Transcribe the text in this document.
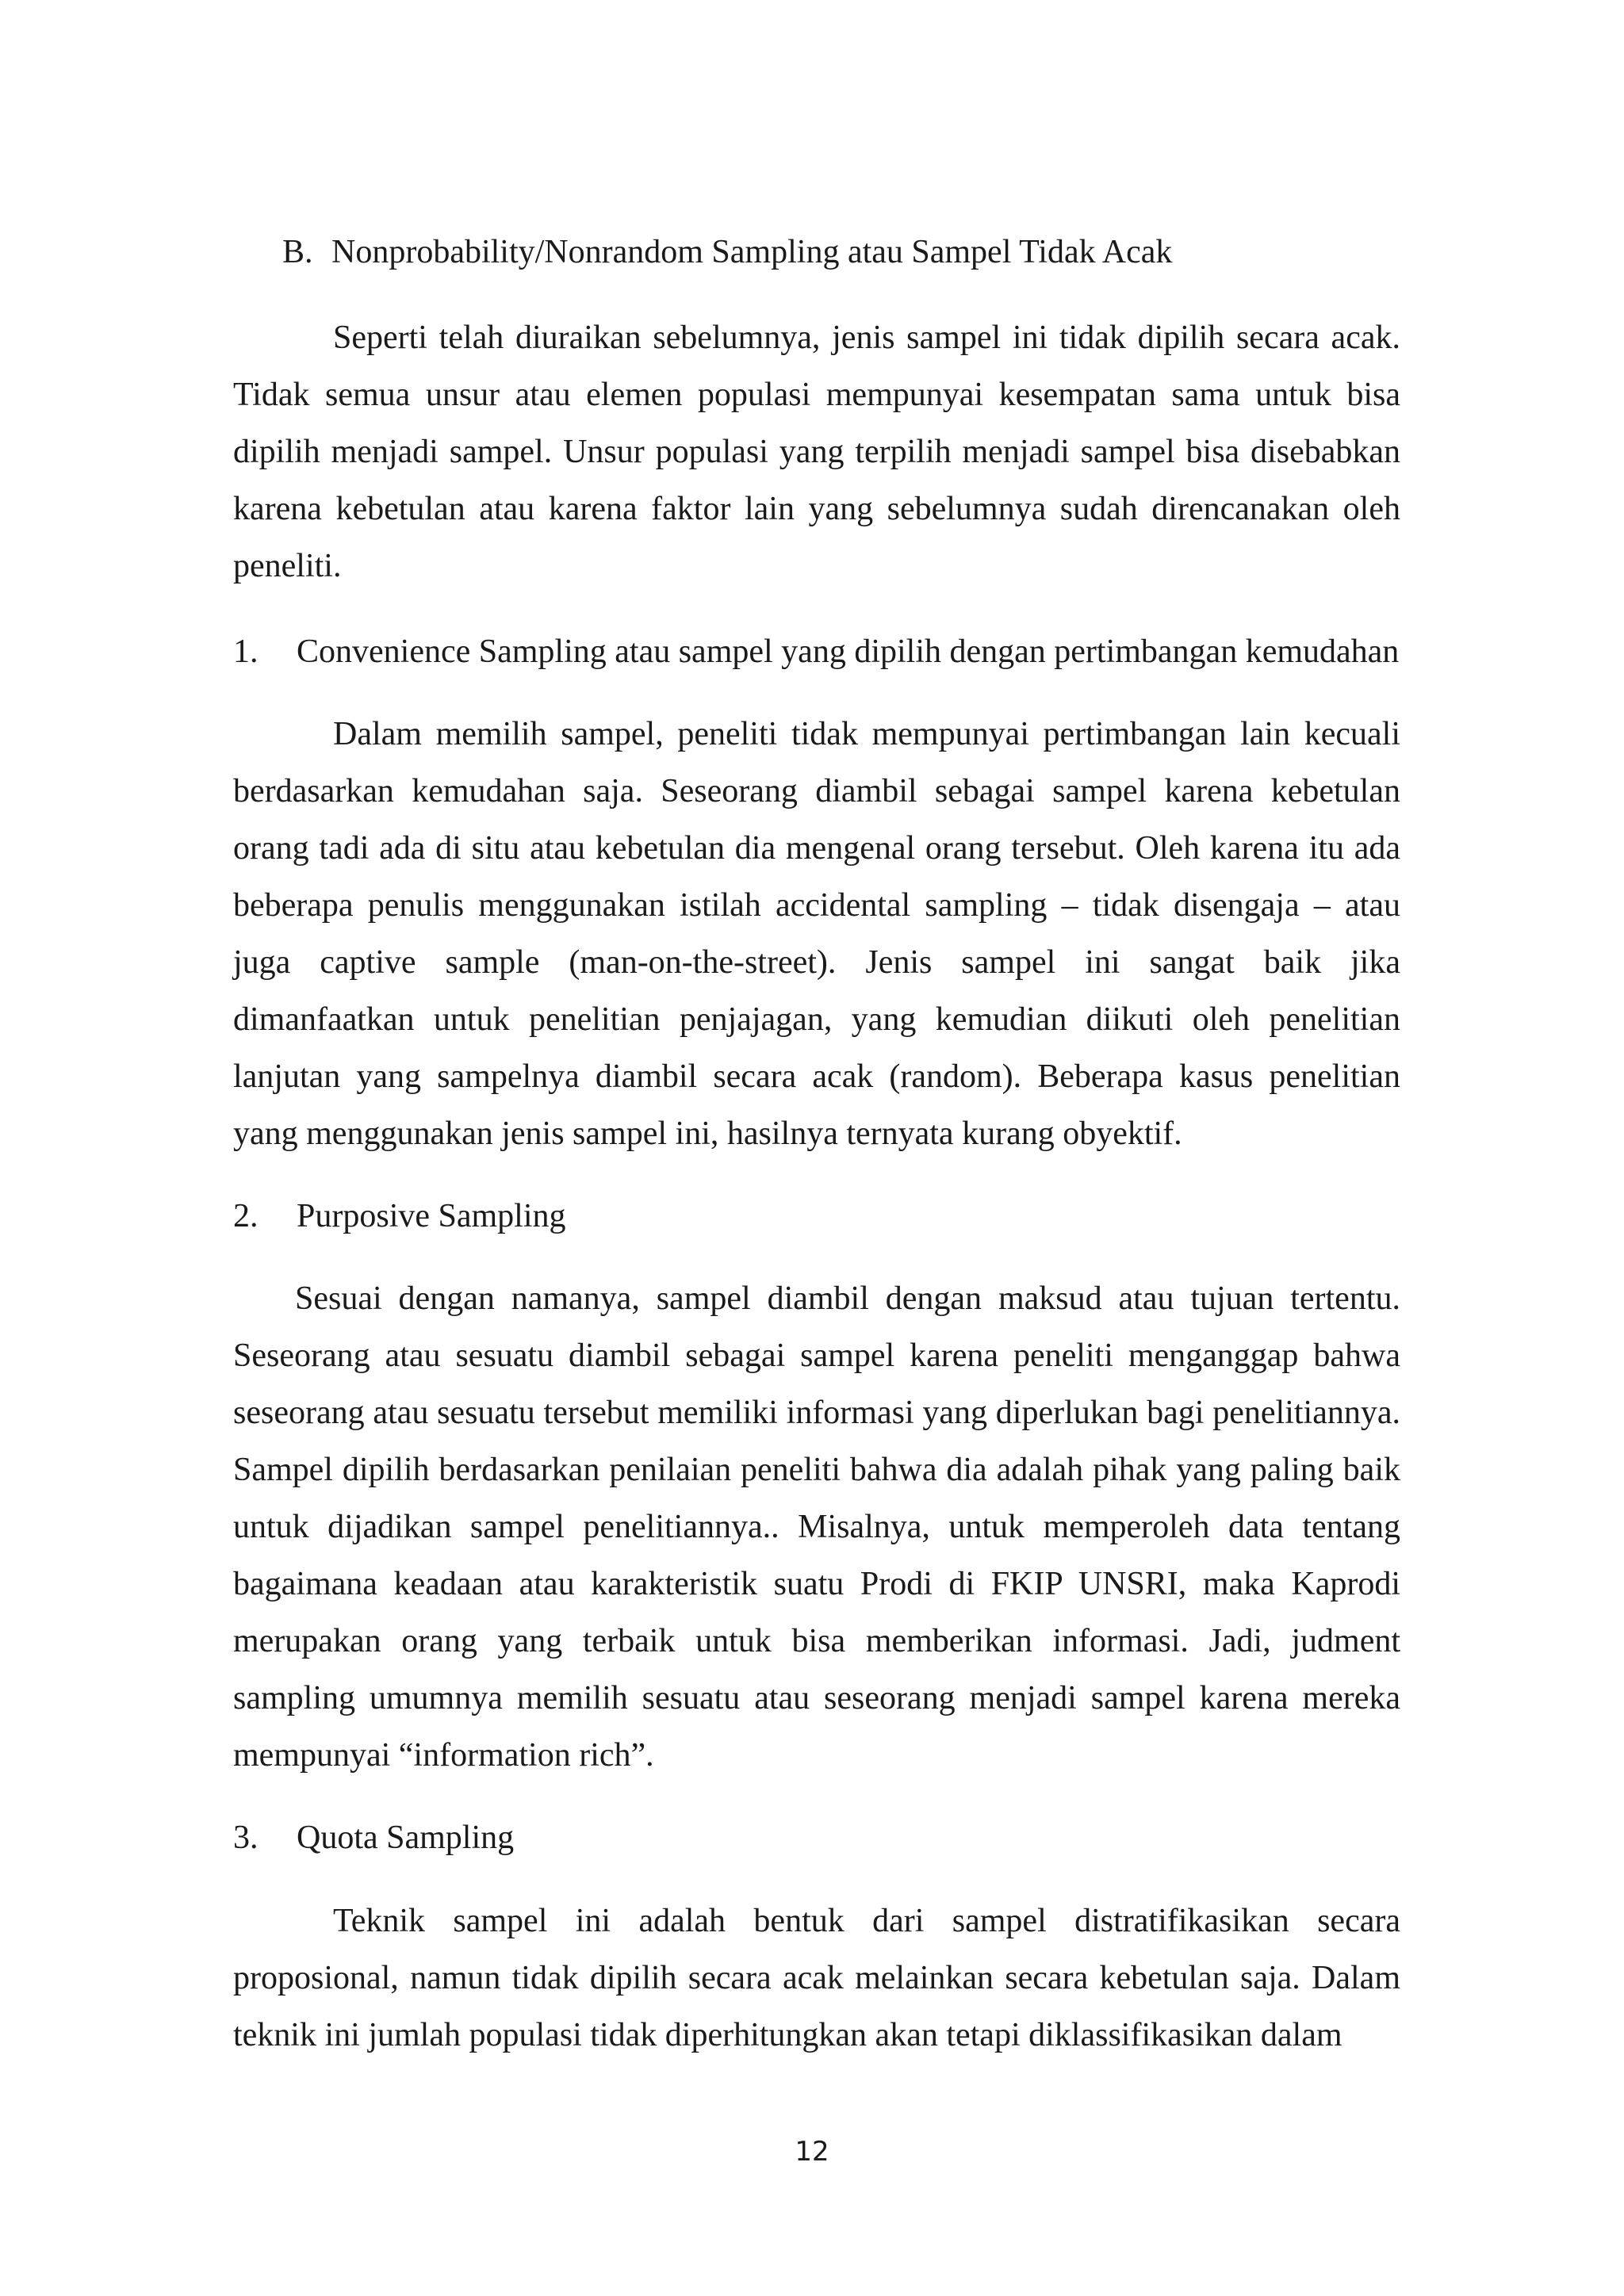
B. Nonprobability/Nonrandom Sampling atau Sampel Tidak Acak

Seperti telah diuraikan sebelumnya, jenis sampel ini tidak dipilih secara acak. Tidak semua unsur atau elemen populasi mempunyai kesempatan sama untuk bisa dipilih menjadi sampel. Unsur populasi yang terpilih menjadi sampel bisa disebabkan karena kebetulan atau karena faktor lain yang sebelumnya sudah direncanakan oleh peneliti.

1. Convenience Sampling atau sampel yang dipilih dengan pertimbangan kemudahan

Dalam memilih sampel, peneliti tidak mempunyai pertimbangan lain kecuali berdasarkan kemudahan saja. Seseorang diambil sebagai sampel karena kebetulan orang tadi ada di situ atau kebetulan dia mengenal orang tersebut. Oleh karena itu ada beberapa penulis menggunakan istilah accidental sampling – tidak disengaja – atau juga captive sample (man-on-the-street). Jenis sampel ini sangat baik jika dimanfaatkan untuk penelitian penjajagan, yang kemudian diikuti oleh penelitian lanjutan yang sampelnya diambil secara acak (random). Beberapa kasus penelitian yang menggunakan jenis sampel ini, hasilnya ternyata kurang obyektif.

2. Purposive Sampling

Sesuai dengan namanya, sampel diambil dengan maksud atau tujuan tertentu. Seseorang atau sesuatu diambil sebagai sampel karena peneliti menganggap bahwa seseorang atau sesuatu tersebut memiliki informasi yang diperlukan bagi penelitiannya. Sampel dipilih berdasarkan penilaian peneliti bahwa dia adalah pihak yang paling baik untuk dijadikan sampel penelitiannya.. Misalnya, untuk memperoleh data tentang bagaimana keadaan atau karakteristik suatu Prodi di FKIP UNSRI, maka Kaprodi merupakan orang yang terbaik untuk bisa memberikan informasi. Jadi, judment sampling umumnya memilih sesuatu atau seseorang menjadi sampel karena mereka mempunyai “information rich”.

3. Quota Sampling

Teknik sampel ini adalah bentuk dari sampel distratifikasikan secara proposional, namun tidak dipilih secara acak melainkan secara kebetulan saja. Dalam teknik ini jumlah populasi tidak diperhitungkan akan tetapi diklassifikasikan dalam

12
